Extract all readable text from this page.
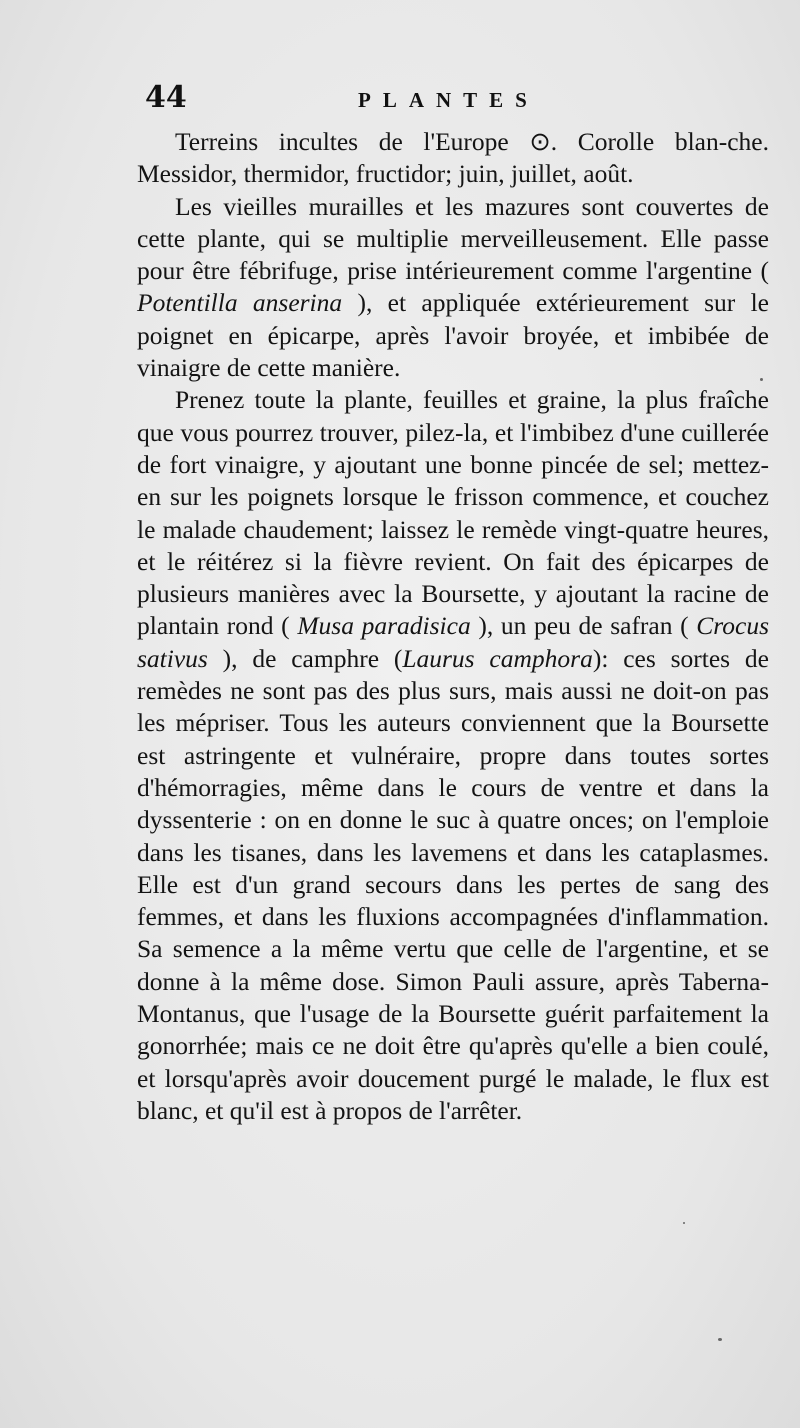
44	PLANTES

Terreins incultes de l'Europe ⊙. Corolle blan-che. Messidor, thermidor, fructidor; juin, juillet, août.

Les vieilles murailles et les mazures sont couvertes de cette plante, qui se multiplie merveilleusement. Elle passe pour être fébrifuge, prise intérieurement comme l'argentine ( Potentilla anserina ), et appliquée extérieurement sur le poignet en épicarpe, après l'avoir broyée, et imbibée de vinaigre de cette manière.

Prenez toute la plante, feuilles et graine, la plus fraîche que vous pourrez trouver, pilez-la, et l'imbibez d'une cuillerée de fort vinaigre, y ajoutant une bonne pincée de sel; mettez-en sur les poignets lorsque le frisson commence, et couchez le malade chaudement; laissez le remède vingt-quatre heures, et le réitérez si la fièvre revient. On fait des épicarpes de plusieurs manières avec la Boursette, y ajoutant la racine de plantain rond ( Musa paradisica ), un peu de safran ( Crocus sativus ), de camphre (Laurus camphora): ces sortes de remèdes ne sont pas des plus surs, mais aussi ne doit-on pas les mépriser. Tous les auteurs conviennent que la Boursette est astringente et vulnéraire, propre dans toutes sortes d'hémorragies, même dans le cours de ventre et dans la dyssenterie : on en donne le suc à quatre onces; on l'emploie dans les tisanes, dans les lavemens et dans les cataplasmes. Elle est d'un grand secours dans les pertes de sang des femmes, et dans les fluxions accompagnées d'inflammation. Sa semence a la même vertu que celle de l'argentine, et se donne à la même dose. Simon Pauli assure, après Taberna-Montanus, que l'usage de la Boursette guérit parfaitement la gonorrhée; mais ce ne doit être qu'après qu'elle a bien coulé, et lorsqu'après avoir doucement purgé le malade, le flux est blanc, et qu'il est à propos de l'arrêter.
